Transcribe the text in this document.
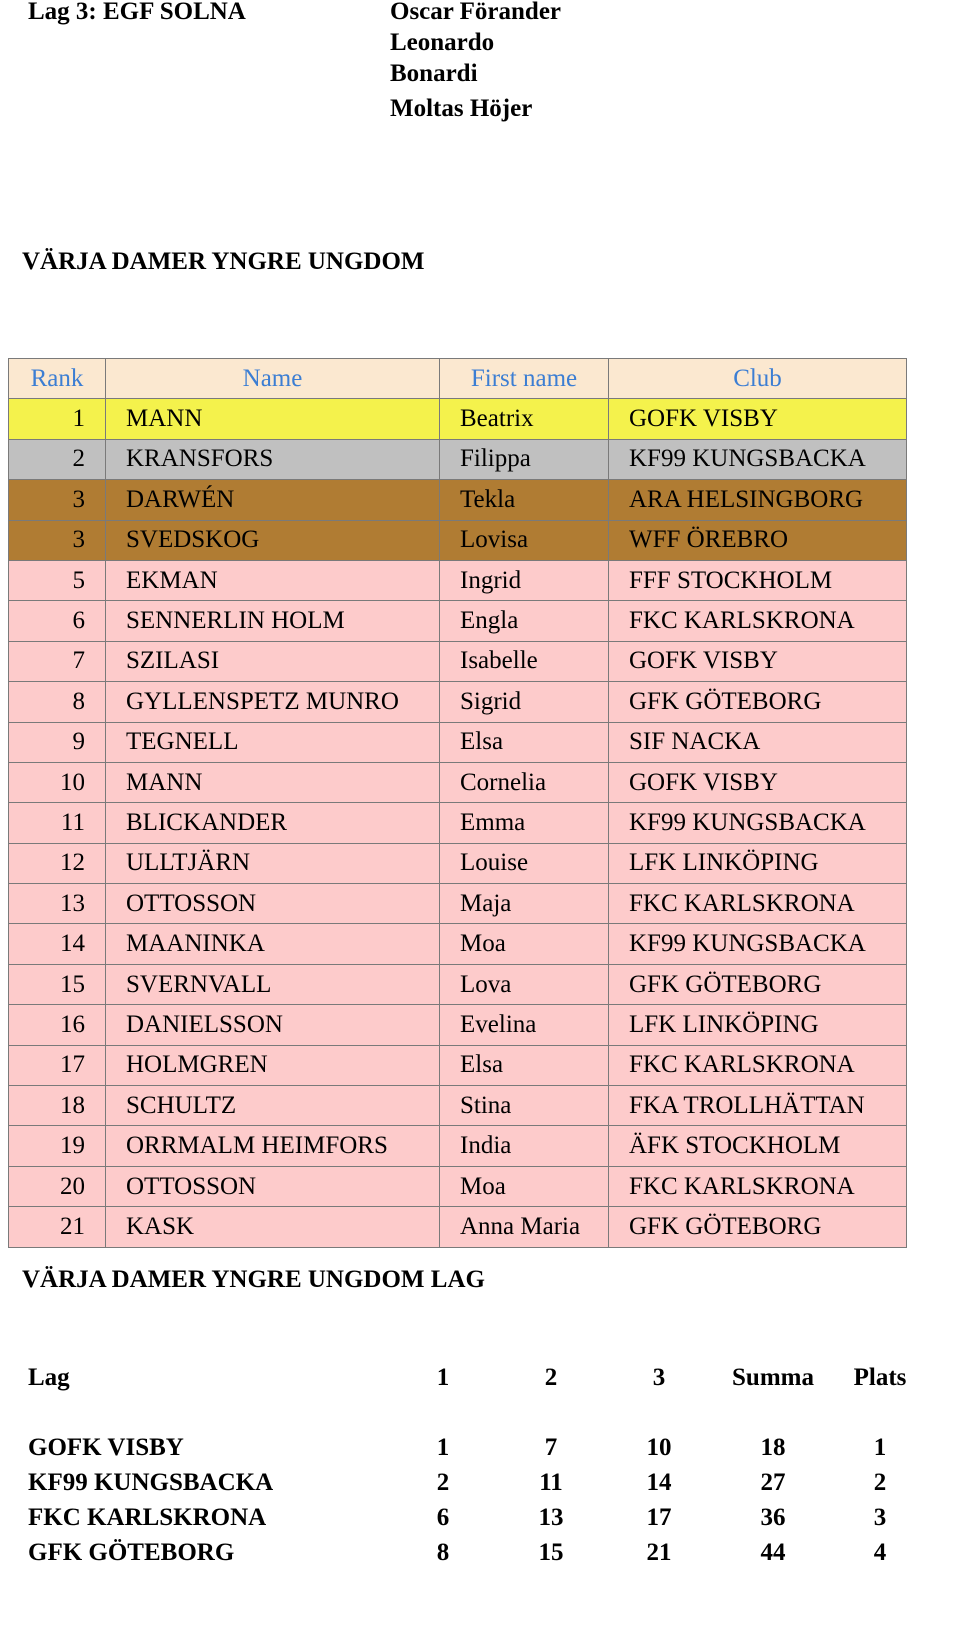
Lag 3: EGF SOLNA	Oscar Förander
Leonardo
Bonardi
Moltas Höjer
VÄRJA DAMER YNGRE UNGDOM
Rank	Name	First name	Club
1	MANN	Beatrix	GOFK VISBY
2	KRANSFORS	Filippa	KF99 KUNGSBACKA
3	DARWÉN	Tekla	ARA HELSINGBORG
3	SVEDSKOG	Lovisa	WFF ÖREBRO
5	EKMAN	Ingrid	FFF STOCKHOLM
6	SENNERLIN HOLM	Engla	FKC KARLSKRONA
7	SZILASI	Isabelle	GOFK VISBY
8	GYLLENSPETZ MUNRO	Sigrid	GFK GÖTEBORG
9	TEGNELL	Elsa	SIF NACKA
10	MANN	Cornelia	GOFK VISBY
11	BLICKANDER	Emma	KF99 KUNGSBACKA
12	ULLTJÄRN	Louise	LFK LINKÖPING
13	OTTOSSON	Maja	FKC KARLSKRONA
14	MAANINKA	Moa	KF99 KUNGSBACKA
15	SVERNVALL	Lova	GFK GÖTEBORG
16	DANIELSSON	Evelina	LFK LINKÖPING
17	HOLMGREN	Elsa	FKC KARLSKRONA
18	SCHULTZ	Stina	FKA TROLLHÄTTAN
19	ORRMALM HEIMFORS	India	ÄFK STOCKHOLM
20	OTTOSSON	Moa	FKC KARLSKRONA
21	KASK	Anna Maria	GFK GÖTEBORG
VÄRJA DAMER YNGRE UNGDOM LAG
Lag	1	2	3	Summa	Plats
GOFK VISBY	1	7	10	18	1
KF99 KUNGSBACKA	2	11	14	27	2
FKC KARLSKRONA	6	13	17	36	3
GFK GÖTEBORG	8	15	21	44	4
